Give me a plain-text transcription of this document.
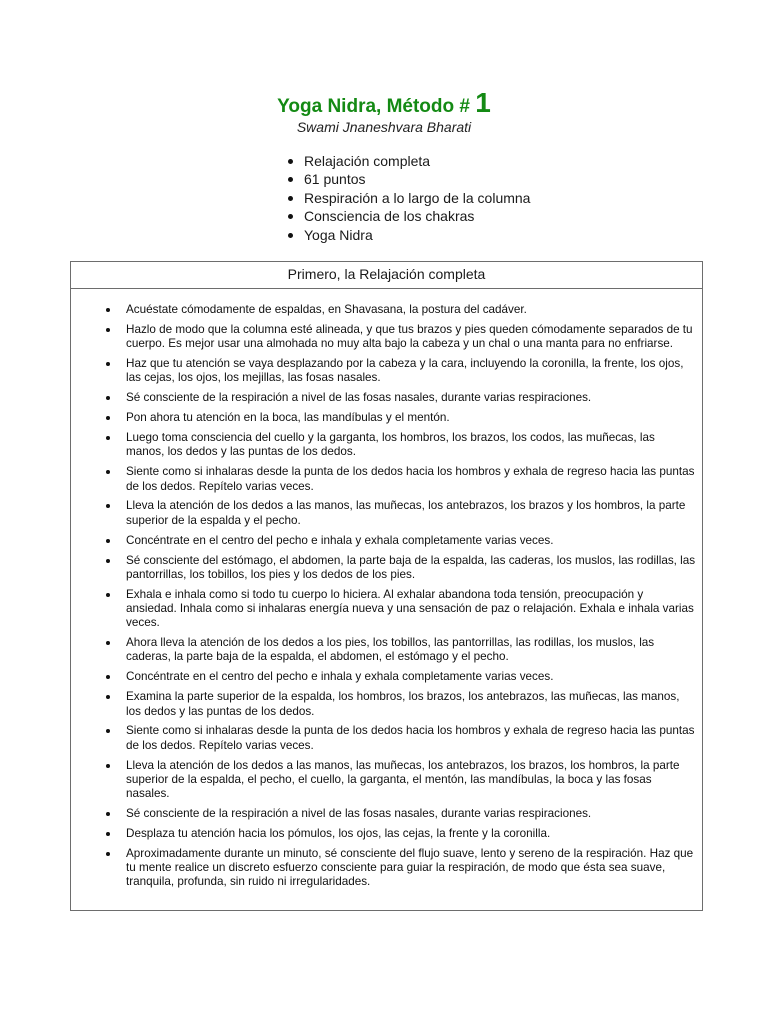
Yoga Nidra, Método # 1
Swami Jnaneshvara Bharati
Relajación completa
61 puntos
Respiración a lo largo de la columna
Consciencia de los chakras
Yoga Nidra
Primero, la Relajación completa
Acuéstate cómodamente de espaldas, en Shavasana, la postura del cadáver.
Hazlo de modo que la columna esté alineada, y que tus brazos y pies queden cómodamente separados de tu cuerpo. Es mejor usar una almohada no muy alta bajo la cabeza y un chal o una manta para no enfriarse.
Haz que tu atención se vaya desplazando por la cabeza y la cara, incluyendo la coronilla, la frente, los ojos, las cejas, los ojos, los mejillas, las fosas nasales.
Sé consciente de la respiración a nivel de las fosas nasales, durante varias respiraciones.
Pon ahora tu atención en la boca, las mandíbulas y el mentón.
Luego toma consciencia del cuello y la garganta, los hombros, los brazos, los codos, las muñecas, las manos, los dedos y las puntas de los dedos.
Siente como si inhalaras desde la punta de los dedos hacia los hombros y exhala de regreso hacia las puntas de los dedos. Repítelo varias veces.
Lleva la atención de los dedos a las manos, las muñecas, los antebrazos, los brazos y los hombros, la parte superior de la espalda y el pecho.
Concéntrate en el centro del pecho e inhala y exhala completamente varias veces.
Sé consciente del estómago, el abdomen, la parte baja de la espalda, las caderas, los muslos, las rodillas, las pantorrillas, los tobillos, los pies y los dedos de los pies.
Exhala e inhala como si todo tu cuerpo lo hiciera. Al exhalar abandona toda tensión, preocupación y ansiedad. Inhala como si inhalaras energía nueva y una sensación de paz o relajación. Exhala e inhala varias veces.
Ahora lleva la atención de los dedos a los pies, los tobillos, las pantorrillas, las rodillas, los muslos, las caderas, la parte baja de la espalda, el abdomen, el estómago y el pecho.
Concéntrate en el centro del pecho e inhala y exhala completamente varias veces.
Examina la parte superior de la espalda, los hombros, los brazos, los antebrazos, las muñecas, las manos, los dedos y las puntas de los dedos.
Siente como si inhalaras desde la punta de los dedos hacia los hombros y exhala de regreso hacia las puntas de los dedos. Repítelo varias veces.
Lleva la atención de los dedos a las manos, las muñecas, los antebrazos, los brazos, los hombros, la parte superior de la espalda, el pecho, el cuello, la garganta, el mentón, las mandíbulas, la boca y las fosas nasales.
Sé consciente de la respiración a nivel de las fosas nasales, durante varias respiraciones.
Desplaza tu atención hacia los pómulos, los ojos, las cejas, la frente y la coronilla.
Aproximadamente durante un minuto, sé consciente del flujo suave, lento y sereno de la respiración. Haz que tu mente realice un discreto esfuerzo consciente para guiar la respiración, de modo que ésta sea suave, tranquila, profunda, sin ruido ni irregularidades.
